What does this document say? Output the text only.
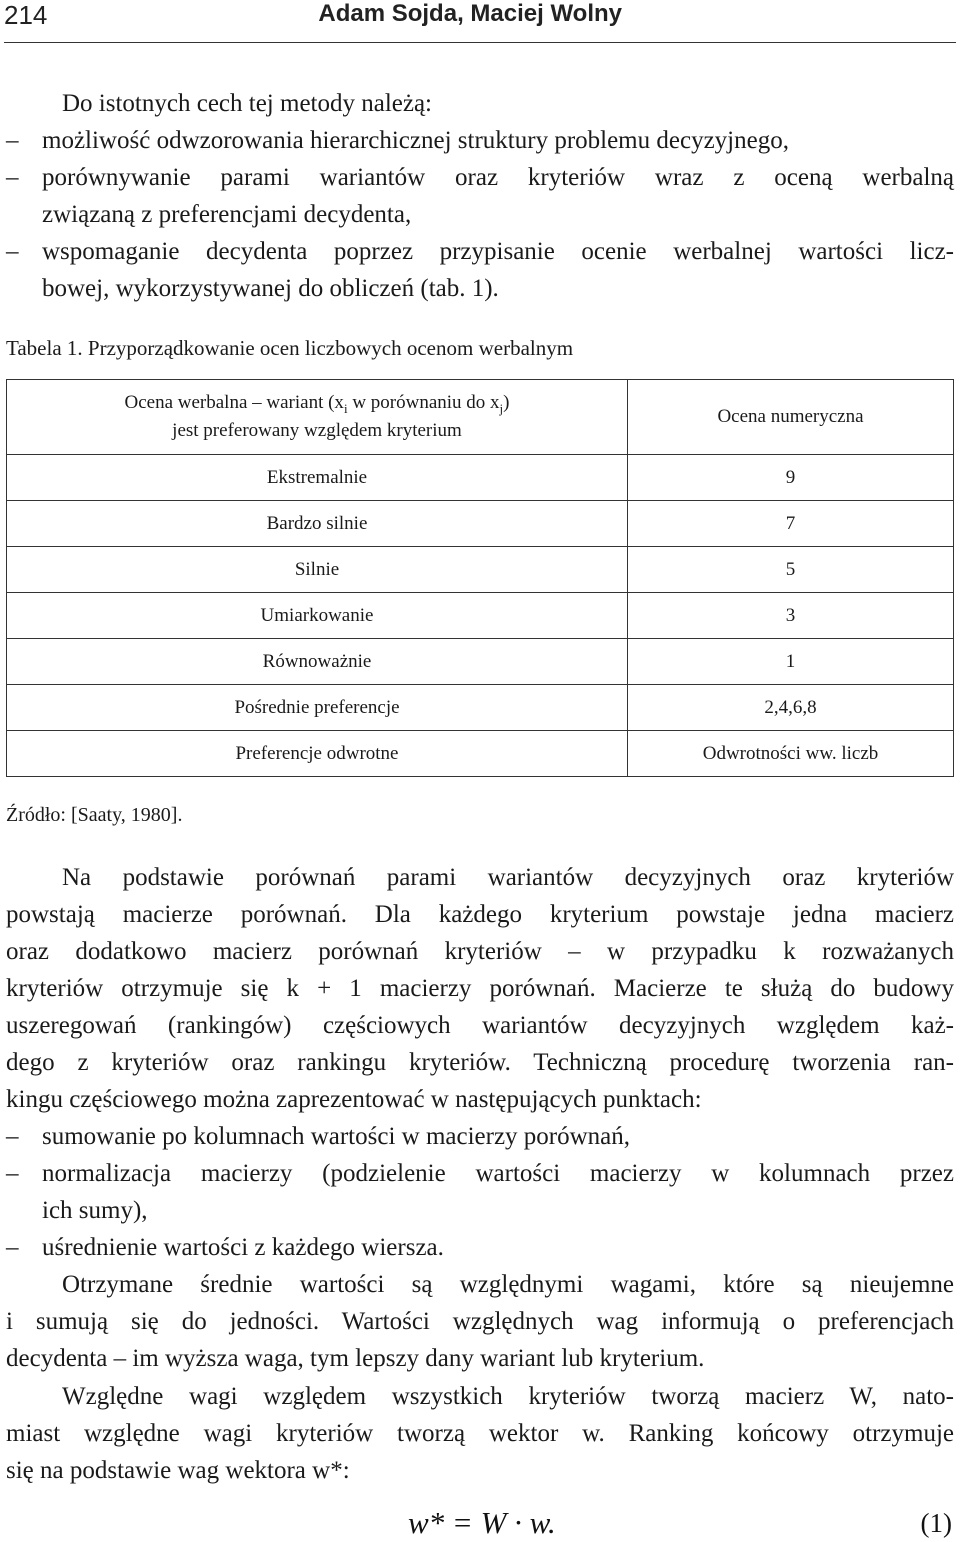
214	Adam Sojda, Maciej Wolny
Do istotnych cech tej metody należą:
– możliwość odwzorowania hierarchicznej struktury problemu decyzyjnego,
– porównywanie parami wariantów oraz kryteriów wraz z oceną werbalną
związaną z preferencjami decydenta,
– wspomaganie decydenta poprzez przypisanie ocenie werbalnej wartości licz-
bowej, wykorzystywanej do obliczeń (tab. 1).
Tabela 1. Przyporządkowanie ocen liczbowych ocenom werbalnym
Ocena werbalna – wariant ($x_i$ w porównaniu do $x_j$)
jest preferowany względem kryterium	Ocena numeryczna
Ekstremalnie	9
Bardzo silnie	7
Silnie	5
Umiarkowanie	3
Równoważnie	1
Pośrednie preferencje	2,4,6,8
Preferencje odwrotne	Odwrotności ww. liczb
Źródło: [Saaty, 1980].
Na podstawie porównań parami wariantów decyzyjnych oraz kryteriów
powstają macierze porównań. Dla każdego kryterium powstaje jedna macierz
oraz dodatkowo macierz porównań kryteriów – w przypadku k rozważanych
kryteriów otrzymuje się k + 1 macierzy porównań. Macierze te służą do budowy
uszeregowań (rankingów) częściowych wariantów decyzyjnych względem każ-
dego z kryteriów oraz rankingu kryteriów. Techniczną procedurę tworzenia ran-
kingu częściowego można zaprezentować w następujących punktach:
– sumowanie po kolumnach wartości w macierzy porównań,
– normalizacja macierzy (podzielenie wartości macierzy w kolumnach przez
ich sumy),
– uśrednienie wartości z każdego wiersza.
Otrzymane średnie wartości są względnymi wagami, które są nieujemne
i sumują się do jedności. Wartości względnych wag informują o preferencjach
decydenta – im wyższa waga, tym lepszy dany wariant lub kryterium.
Względne wagi względem wszystkich kryteriów tworzą macierz W, nato-
miast względne wagi kryteriów tworzą wektor w. Ranking końcowy otrzymuje
się na podstawie wag wektora w*:
w* = W · w.	(1)
